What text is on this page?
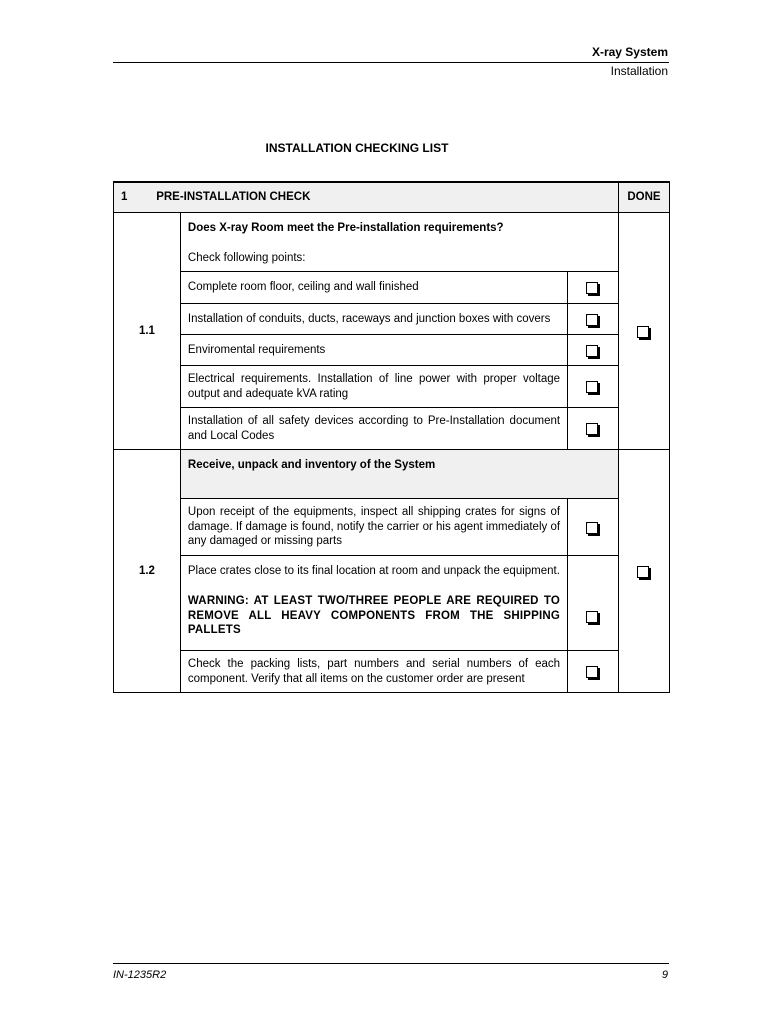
X-ray System
Installation
INSTALLATION CHECKING LIST
1 PRE-INSTALLATION CHECK			DONE
1.1	Does X-ray Room meet the Pre-installation requirements?
Check following points:		

	Complete room floor, ceiling and wall finished		
	Installation of conduits, ducts, raceways and junction boxes with covers		
	Enviromental requirements		
	Electrical requirements. Installation of line power with proper voltage output and adequate kVA rating		
	Installation of all safety devices according to Pre-Installation document and Local Codes		
1.2	Receive, unpack and inventory of the System		
	Upon receipt of the equipments, inspect all shipping crates for signs of damage. If damage is found, notify the carrier or his agent immediately of any damaged or missing parts		
	Place crates close to its final location at room and unpack the equipment.		
	WARNING: AT LEAST TWO/THREE PEOPLE ARE REQUIRED TO REMOVE ALL HEAVY COMPONENTS FROM THE SHIPPING PALLETS		
	Check the packing lists, part numbers and serial numbers of each component. Verify that all items on the customer order are present		
IN-1235R2	9
